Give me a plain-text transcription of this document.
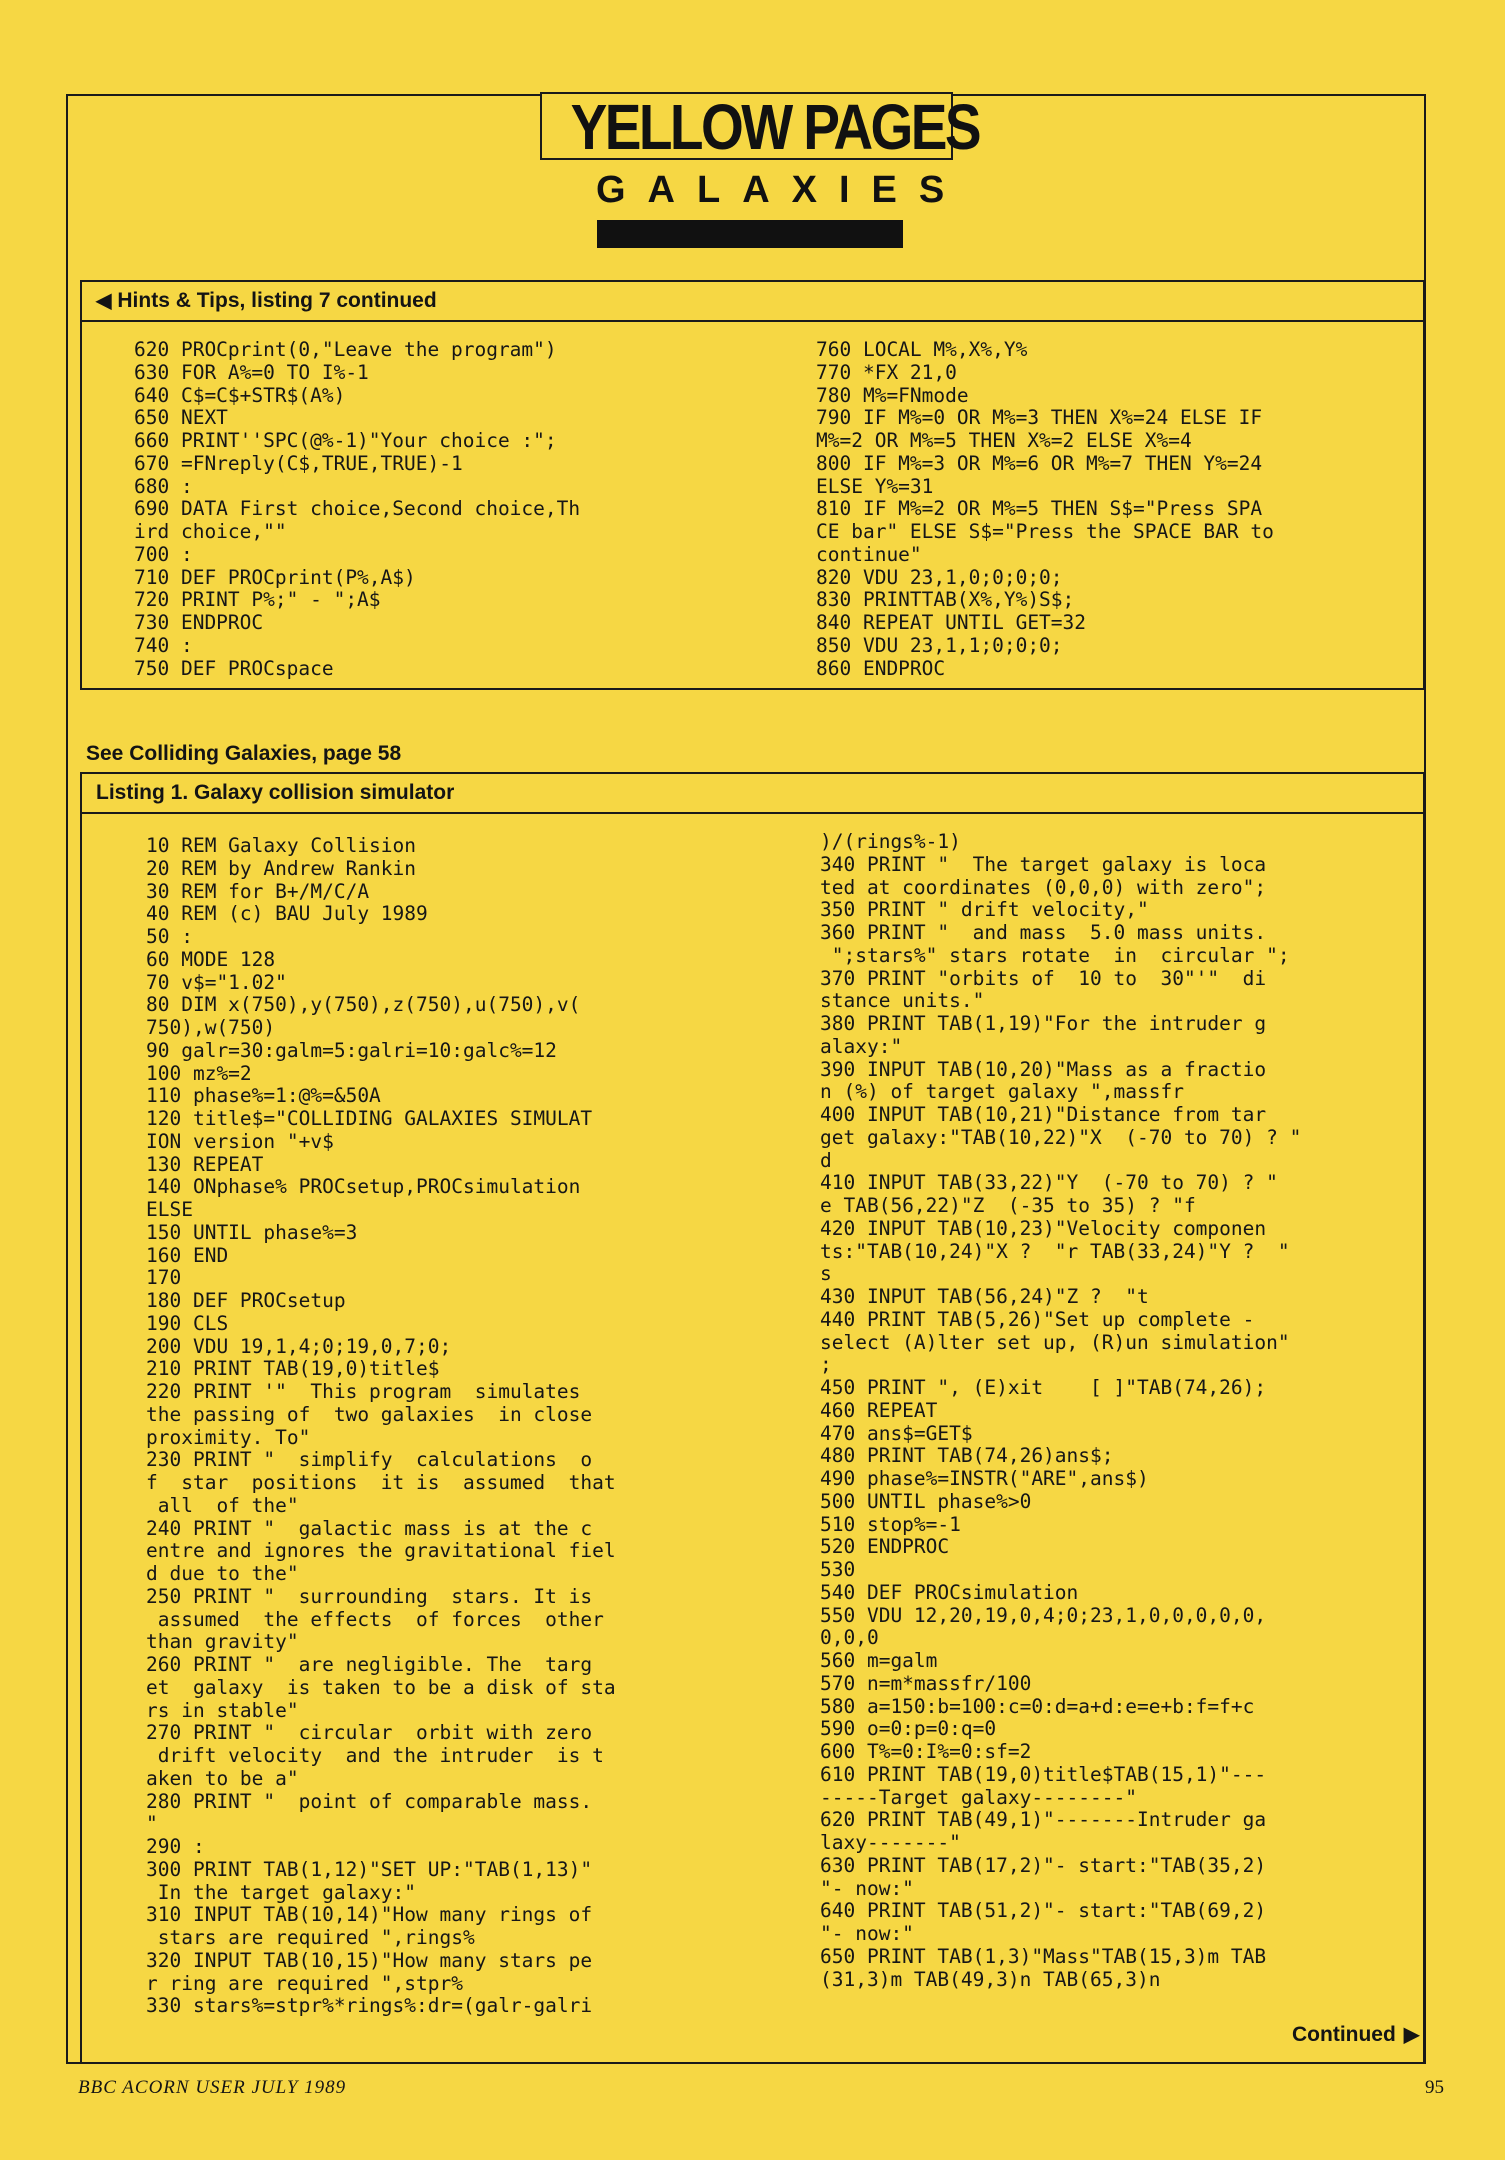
YELLOW PAGES
GALAXIES
◀ Hints & Tips, listing 7 continued
620 PROCprint(0,"Leave the program")
630 FOR A%=0 TO I%-1
640 C$=C$+STR$(A%)
650 NEXT
660 PRINT''SPC(@%-1)"Your choice :";
670 =FNreply(C$,TRUE,TRUE)-1
680 :
690 DATA First choice,Second choice,Th
ird choice,""
700 :
710 DEF PROCprint(P%,A$)
720 PRINT P%;" - ";A$
730 ENDPROC
740 :
750 DEF PROCspace
760 LOCAL M%,X%,Y%
770 *FX 21,0
780 M%=FNmode
790 IF M%=0 OR M%=3 THEN X%=24 ELSE IF
M%=2 OR M%=5 THEN X%=2 ELSE X%=4
800 IF M%=3 OR M%=6 OR M%=7 THEN Y%=24
ELSE Y%=31
810 IF M%=2 OR M%=5 THEN S$="Press SPA
CE bar" ELSE S$="Press the SPACE BAR to
continue"
820 VDU 23,1,0;0;0;0;
830 PRINTTAB(X%,Y%)S$;
840 REPEAT UNTIL GET=32
850 VDU 23,1,1;0;0;0;
860 ENDPROC
See Colliding Galaxies, page 58
Listing 1. Galaxy collision simulator
10 REM Galaxy Collision
20 REM by Andrew Rankin
30 REM for B+/M/C/A
40 REM (c) BAU July 1989
50 :
60 MODE 128
70 v$="1.02"
80 DIM x(750),y(750),z(750),u(750),v(
750),w(750)
90 galr=30:galm=5:galri=10:galc%=12
100 mz%=2
110 phase%=1:@%=&50A
120 title$="COLLIDING GALAXIES SIMULAT
ION version "+v$
130 REPEAT
140 ONphase% PROCsetup,PROCsimulation
ELSE
150 UNTIL phase%=3
160 END
170
180 DEF PROCsetup
190 CLS
200 VDU 19,1,4;0;19,0,7;0;
210 PRINT TAB(19,0)title$
220 PRINT '"  This program  simulates
the passing of  two galaxies  in close
proximity. To"
230 PRINT "  simplify  calculations  o
f  star  positions  it is  assumed  that
all  of the"
240 PRINT "  galactic mass is at the c
entre and ignores the gravitational fiel
d due to the"
250 PRINT "  surrounding  stars. It is
assumed  the effects  of forces  other
than gravity"
260 PRINT "  are negligible. The  targ
et  galaxy  is taken to be a disk of sta
rs in stable"
270 PRINT "  circular  orbit with zero
drift velocity  and the intruder  is t
aken to be a"
280 PRINT "  point of comparable mass.
"
290 :
300 PRINT TAB(1,12)"SET UP:"TAB(1,13)"
In the target galaxy:"
310 INPUT TAB(10,14)"How many rings of
stars are required ",rings%
320 INPUT TAB(10,15)"How many stars pe
r ring are required ",stpr%
330 stars%=stpr%*rings%:dr=(galr-galri
)/(rings%-1)
340 PRINT "  The target galaxy is loca
ted at coordinates (0,0,0) with zero";
350 PRINT " drift velocity,"
360 PRINT "  and mass  5.0 mass units.
";stars%" stars rotate  in  circular ";
370 PRINT "orbits of  10 to  30"'"  di
stance units."
380 PRINT TAB(1,19)"For the intruder g
alaxy:"
390 INPUT TAB(10,20)"Mass as a fractio
n (%) of target galaxy ",massfr
400 INPUT TAB(10,21)"Distance from tar
get galaxy:"TAB(10,22)"X  (-70 to 70) ? "
d
410 INPUT TAB(33,22)"Y  (-70 to 70) ? "
e TAB(56,22)"Z  (-35 to 35) ? "f
420 INPUT TAB(10,23)"Velocity componen
ts:"TAB(10,24)"X ?  "r TAB(33,24)"Y ?  "
s
430 INPUT TAB(56,24)"Z ?  "t
440 PRINT TAB(5,26)"Set up complete -
select (A)lter set up, (R)un simulation"
;
450 PRINT ", (E)xit    [ ]"TAB(74,26);
460 REPEAT
470 ans$=GET$
480 PRINT TAB(74,26)ans$;
490 phase%=INSTR("ARE",ans$)
500 UNTIL phase%>0
510 stop%=-1
520 ENDPROC
530
540 DEF PROCsimulation
550 VDU 12,20,19,0,4;0;23,1,0,0,0,0,0,
0,0,0
560 m=galm
570 n=m*massfr/100
580 a=150:b=100:c=0:d=a+d:e=e+b:f=f+c
590 o=0:p=0:q=0
600 T%=0:I%=0:sf=2
610 PRINT TAB(19,0)title$TAB(15,1)"---
-----Target galaxy--------"
620 PRINT TAB(49,1)"-------Intruder ga
laxy-------"
630 PRINT TAB(17,2)"- start:"TAB(35,2)
"- now:"
640 PRINT TAB(51,2)"- start:"TAB(69,2)
"- now:"
650 PRINT TAB(1,3)"Mass"TAB(15,3)m TAB
(31,3)m TAB(49,3)n TAB(65,3)n
Continued ▶
BBC ACORN USER JULY 1989	95
